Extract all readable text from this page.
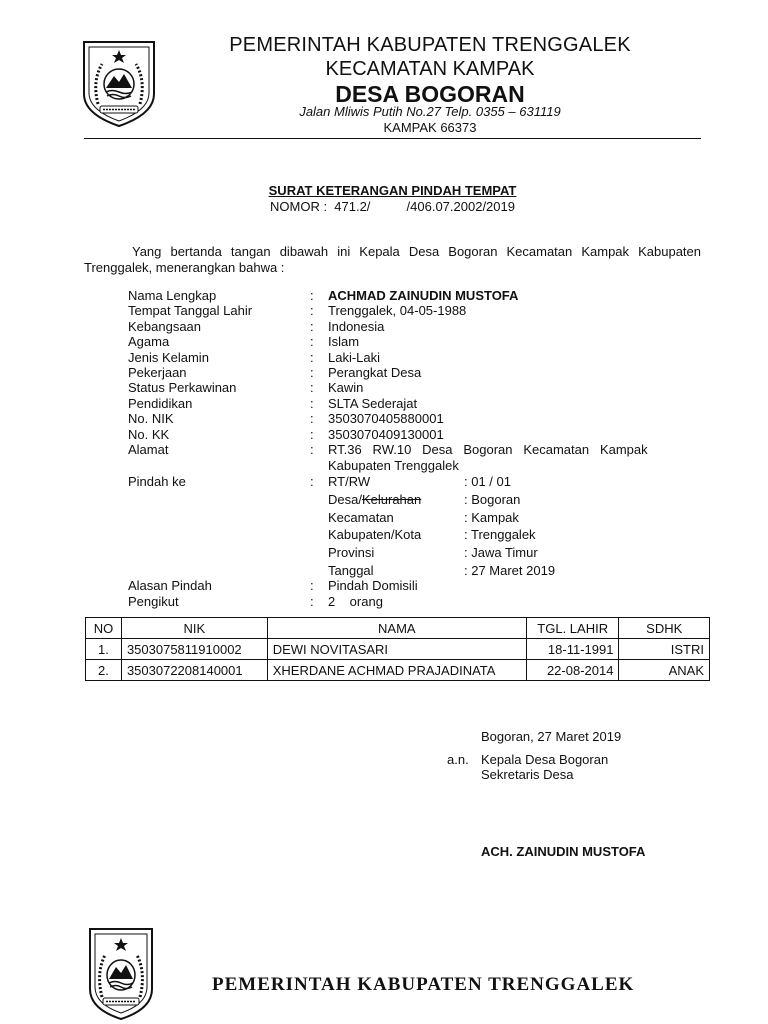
PEMERINTAH KABUPATEN TRENGGALEK
KECAMATAN KAMPAK
DESA BOGORAN
Jalan Mliwis Putih No.27 Telp. 0355 – 631119
KAMPAK 66373
SURAT KETERANGAN PINDAH TEMPAT
NOMOR :  471.2/          /406.07.2002/2019
Yang bertanda tangan dibawah ini Kepala Desa Bogoran Kecamatan Kampak Kabupaten Trenggalek, menerangkan bahwa :
Nama Lengkap	: ACHMAD ZAINUDIN MUSTOFA
Tempat Tanggal Lahir	: Trenggalek, 04-05-1988
Kebangsaan	: Indonesia
Agama	: Islam
Jenis Kelamin	: Laki-Laki
Pekerjaan	: Perangkat Desa
Status Perkawinan	: Kawin
Pendidikan	: SLTA Sederajat
No. NIK	: 3503070405880001
No. KK	: 3503070409130001
Alamat	: RT.36   RW.10   Desa   Bogoran   Kecamatan   Kampak
Kabupaten Trenggalek
Pindah ke	: RT/RW	: 01 / 01
Desa/Kelurahan	: Bogoran
Kecamatan	: Kampak
Kabupaten/Kota	: Trenggalek
Provinsi	: Jawa Timur
Tanggal	: 27 Maret 2019
Alasan Pindah	: Pindah Domisili
Pengikut	: 2    orang
NO	NIK	NAMA	TGL. LAHIR	SDHK
1.	3503075811910002	DEWI NOVITASARI	18-11-1991	ISTRI
2.	3503072208140001	XHERDANE ACHMAD PRAJADINATA	22-08-2014	ANAK
Bogoran, 27 Maret 2019
a.n. Kepala Desa Bogoran
Sekretaris Desa
ACH. ZAINUDIN MUSTOFA
PEMERINTAH KABUPATEN TRENGGALEK
